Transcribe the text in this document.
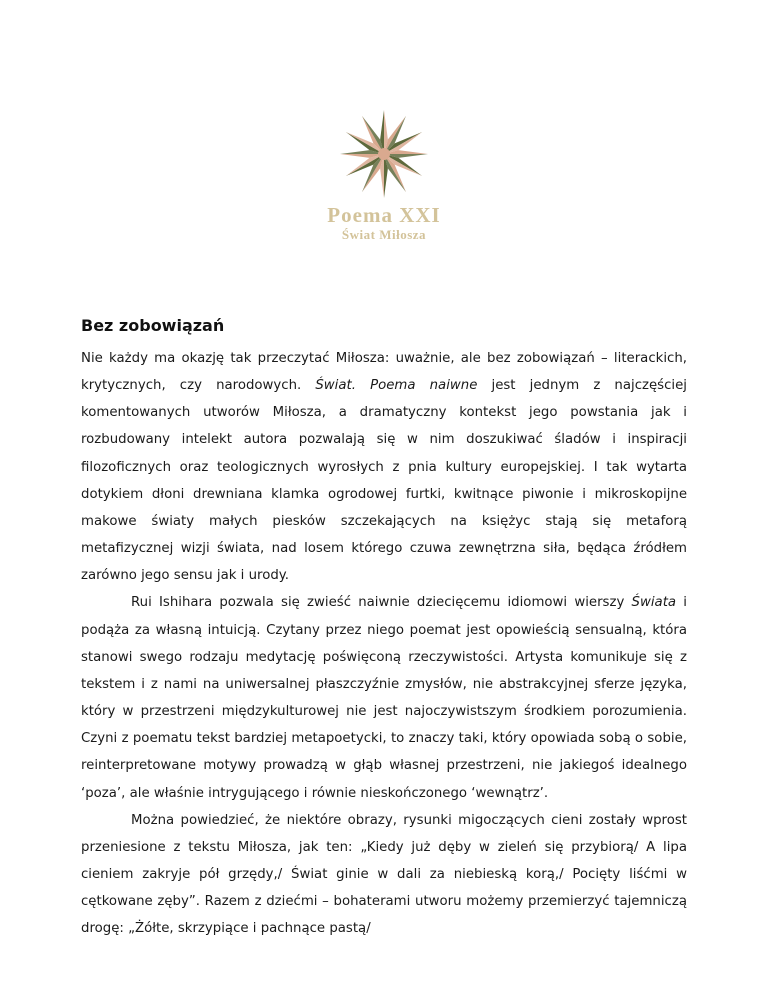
Poema XXI
Świat Miłosza
Bez zobowiązań

Nie każdy ma okazję tak przeczytać Miłosza: uważnie, ale bez zobowiązań – literackich, krytycznych, czy narodowych. Świat. Poema naiwne jest jednym z najczęściej komentowanych utworów Miłosza, a dramatyczny kontekst jego powstania jak i rozbudowany intelekt autora pozwalają się w nim doszukiwać śladów i inspiracji filozoficznych oraz teologicznych wyrosłych z pnia kultury europejskiej. I tak wytarta dotykiem dłoni drewniana klamka ogrodowej furtki, kwitnące piwonie i mikroskopijne makowe światy małych piesków szczekających na księżyc stają się metaforą metafizycznej wizji świata, nad losem którego czuwa zewnętrzna siła, będąca źródłem zarówno jego sensu jak i urody.

Rui Ishihara pozwala się zwieść naiwnie dziecięcemu idiomowi wierszy Świata i podąża za własną intuicją. Czytany przez niego poemat jest opowieścią sensualną, która stanowi swego rodzaju medytację poświęconą rzeczywistości. Artysta komunikuje się z tekstem i z nami na uniwersalnej płaszczyźnie zmysłów, nie abstrakcyjnej sferze języka, który w przestrzeni międzykulturowej nie jest najoczywistszym środkiem porozumienia. Czyni z poematu tekst bardziej metapoetycki, to znaczy taki, który opowiada sobą o sobie, reinterpretowane motywy prowadzą w głąb własnej przestrzeni, nie jakiegoś idealnego ‘poza’, ale właśnie intrygującego i równie nieskończonego ‘wewnątrz’.

Można powiedzieć, że niektóre obrazy, rysunki migoczących cieni zostały wprost przeniesione z tekstu Miłosza, jak ten: „Kiedy już dęby w zieleń się przybiorą/ A lipa cieniem zakryje pół grzędy,/ Świat ginie w dali za niebieską korą,/ Pocięty liśćmi w cętkowane zęby”. Razem z dziećmi – bohaterami utworu możemy przemierzyć tajemniczą drogę: „Żółte, skrzypiące i pachnące pastą/
